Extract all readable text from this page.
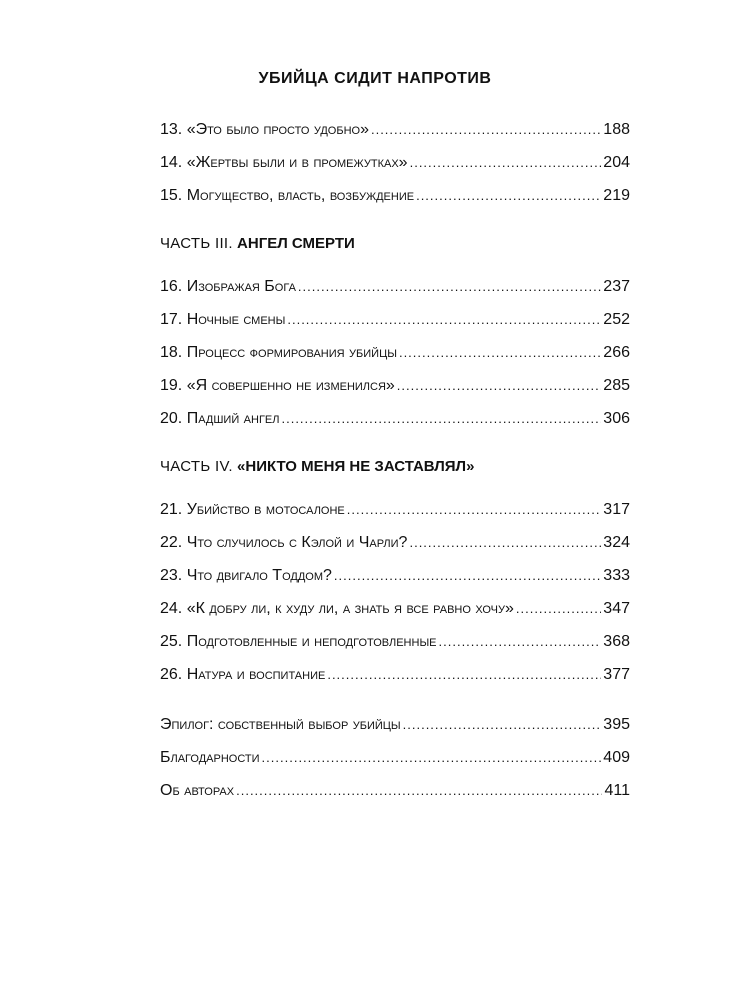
УБИЙЦА СИДИТ НАПРОТИВ
13. «Это было просто удобно» .....	188
14. «Жертвы были и в промежутках» .....	204
15. Могущество, власть, возбуждение .....	219
ЧАСТЬ III. АНГЕЛ СМЕРТИ
16. Изображая Бога .....	237
17. Ночные смены .....	252
18. Процесс формирования убийцы .....	266
19. «Я совершенно не изменился» .....	285
20. Падший ангел .....	306
ЧАСТЬ IV. «НИКТО МЕНЯ НЕ ЗАСТАВЛЯЛ»
21. Убийство в мотосалоне .....	317
22. Что случилось с Кэлой и Чарли? .....	324
23. Что двигало Тоддом? .....	333
24. «К добру ли, к худу ли, а знать я все равно хочу» .....	347
25. Подготовленные и неподготовленные .....	368
26. Натура и воспитание .....	377
Эпилог: собственный выбор убийцы .....	395
Благодарности .....	409
Об авторах .....	411
